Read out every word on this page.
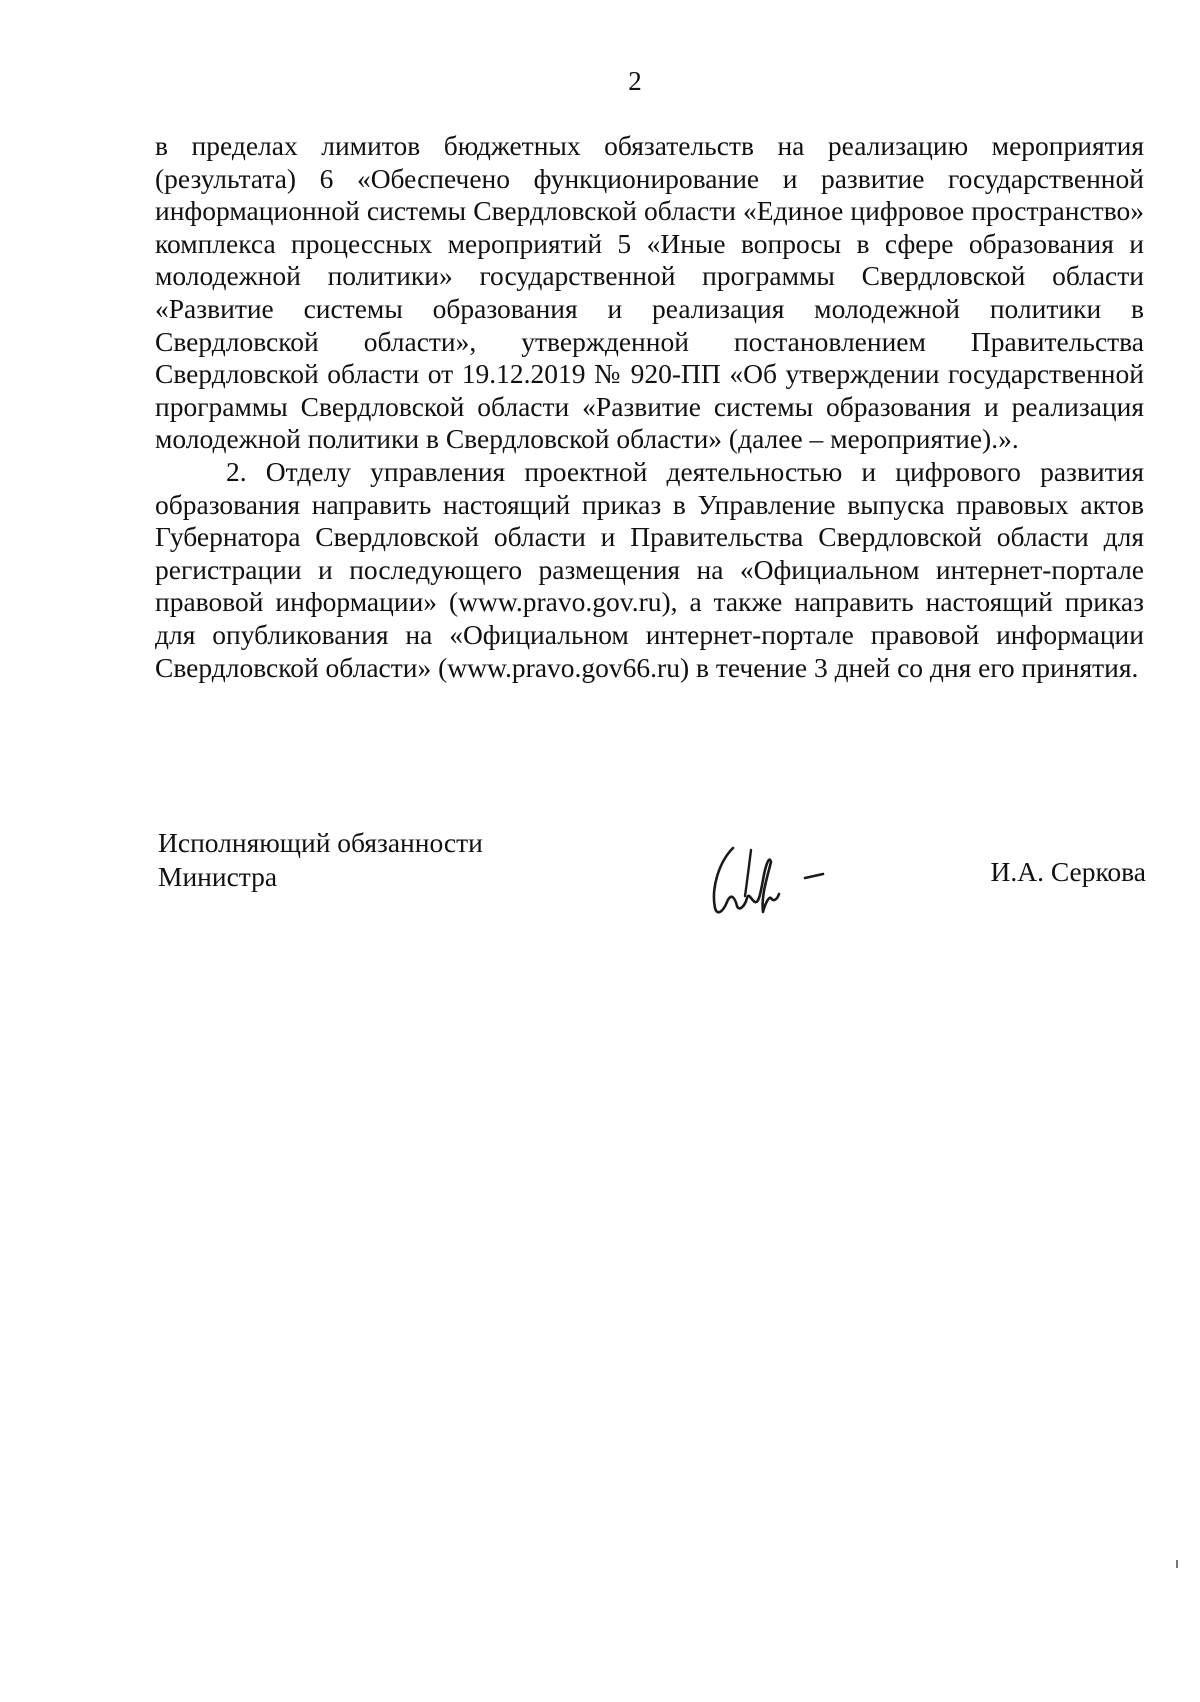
2

в пределах лимитов бюджетных обязательств на реализацию мероприятия (результата) 6 «Обеспечено функционирование и развитие государственной информационной системы Свердловской области «Единое цифровое пространство» комплекса процессных мероприятий 5 «Иные вопросы в сфере образования и молодежной политики» государственной программы Свердловской области «Развитие системы образования и реализация молодежной политики в Свердловской области», утвержденной постановлением Правительства Свердловской области от 19.12.2019 № 920-ПП «Об утверждении государственной программы Свердловской области «Развитие системы образования и реализация молодежной политики в Свердловской области» (далее – мероприятие).».

2. Отделу управления проектной деятельностью и цифрового развития образования направить настоящий приказ в Управление выпуска правовых актов Губернатора Свердловской области и Правительства Свердловской области для регистрации и последующего размещения на «Официальном интернет-портале правовой информации» (www.pravo.gov.ru), а также направить настоящий приказ для опубликования на «Официальном интернет-портале правовой информации Свердловской области» (www.pravo.gov66.ru) в течение 3 дней со дня его принятия.

Исполняющий обязанности
Министра	И.А. Серкова
